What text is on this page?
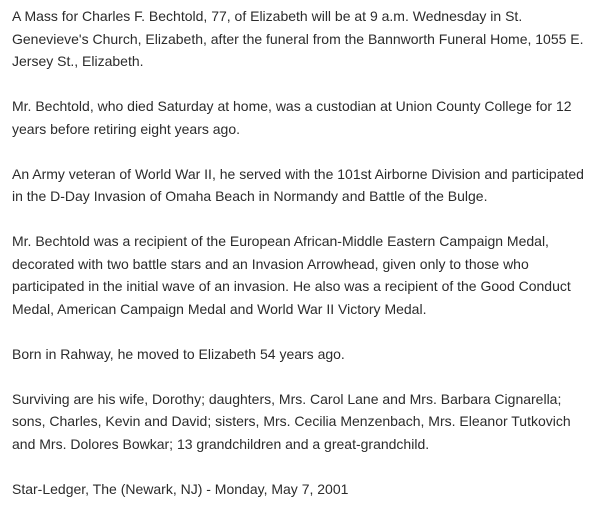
A Mass for Charles F. Bechtold, 77, of Elizabeth will be at 9 a.m. Wednesday in St. Genevieve's Church, Elizabeth, after the funeral from the Bannworth Funeral Home, 1055 E. Jersey St., Elizabeth.

Mr. Bechtold, who died Saturday at home, was a custodian at Union County College for 12 years before retiring eight years ago.

An Army veteran of World War II, he served with the 101st Airborne Division and participated in the D-Day Invasion of Omaha Beach in Normandy and Battle of the Bulge.

Mr. Bechtold was a recipient of the European African-Middle Eastern Campaign Medal, decorated with two battle stars and an Invasion Arrowhead, given only to those who participated in the initial wave of an invasion. He also was a recipient of the Good Conduct Medal, American Campaign Medal and World War II Victory Medal.

Born in Rahway, he moved to Elizabeth 54 years ago.

Surviving are his wife, Dorothy; daughters, Mrs. Carol Lane and Mrs. Barbara Cignarella; sons, Charles, Kevin and David; sisters, Mrs. Cecilia Menzenbach, Mrs. Eleanor Tutkovich and Mrs. Dolores Bowkar; 13 grandchildren and a great-grandchild.

Star-Ledger, The (Newark, NJ) - Monday, May 7, 2001
